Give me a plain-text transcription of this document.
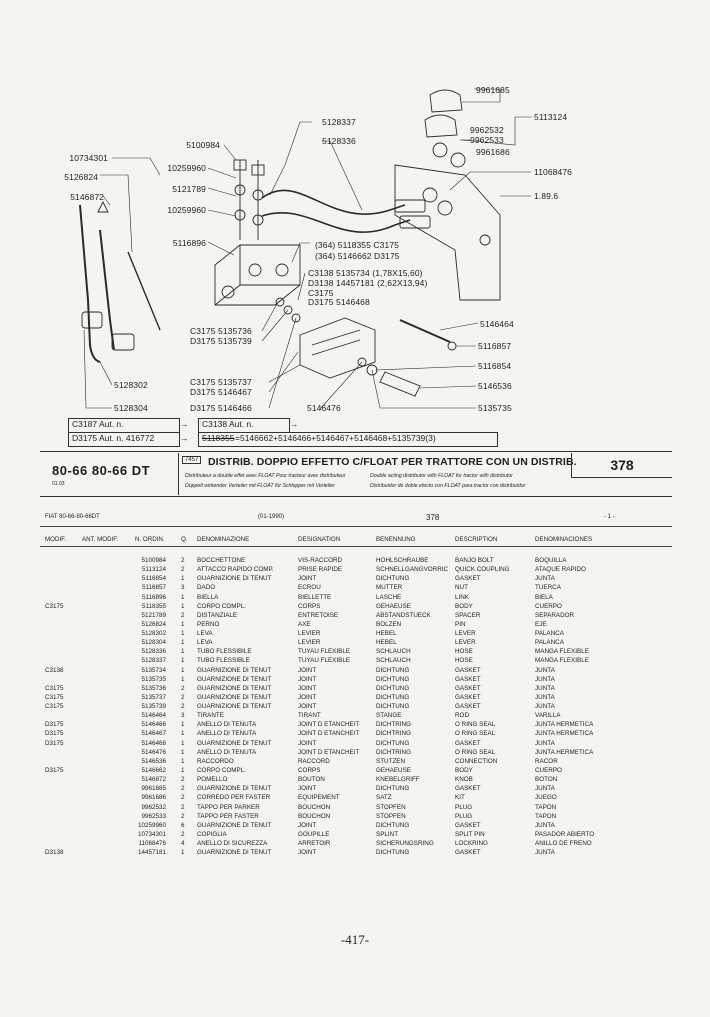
10734301
5126824
5146872
5100984
10259960
5121789
10259960
5116896
5128337
5128336
9961685
5113124
9962532
9962533
9961686
11068476
1.89.6
(364) 5118355 C3175
(364) 5146662 D3175
C3138 5135734 (1,78X15,60)
D3138 14457181 (2,62X13,94)
C3175
D3175 5146468
C3175 5135736
D3175 5135739
C3175 5135737
D3175 5146467
D3175 5146466	5146476
5146464
5116857
5116854
5146536
5135735
5128302
5128304
C3187 Aut. n.	→ C3138 Aut. n.	→
D3175 Aut. n. 416772	→ 5118355 =5146662+5146466+5146467+5146468+5135739(3)
80-66 80-66 DT
01 03
7457 DISTRIB. DOPPIO EFFETTO C/FLOAT PER TRATTORE CON UN DISTRIB.
Distributeur a double effet avec FLOAT Pour tracteur avec distributeur	Double acting distributor with FLOAT for tractor with distributor
Doppelt wirkender Verteiler mit FLOAT für Schlepper mit Verteiler	Distribuidor de doble efecto con FLOAT para tractor con distribuidor
378
FIAT 80-66-80-66DT	(01-1990)	378	- 1 -
MODIF.	ANT. MODIF.	N. ORDIN.	Q. DENOMINAZIONE	DESIGNATION	BENENNUNG	DESCRIPTION	DENOMINACIONES
5100984 2 BOCCHETTONE	VIS-RACCORD	HOHLSCHRAUBE	BANJO BOLT	BOQUILLA
5113124 2 ATTACCO RAPIDO COMP.	PRISE RAPIDE	SCHNELLGANGVORRIC QUICK COUPLING	ATAQUE RAPIDO
5116854 1 GUARNIZIONE DI TENUT	JOINT	DICHTUNG	GASKET	JUNTA
5116857 3 DADO	ECROU	MUTTER	NUT	TUERCA
5116896 1 BIELLA	BIELLETTE	LASCHE	LINK	BIELA
C3175	5118355 1 CORPO COMPL.	CORPS	GEHAEUSE	BODY	CUERPO
5121789 2 DISTANZIALE	ENTRETOISE	ABSTANDSTUECK	SPACER	SEPARADOR
5126824 1 PERNO	AXE	BOLZEN	PIN	EJE
5128302 1 LEVA	LEVIER	HEBEL	LEVER	PALANCA
5128304 1 LEVA	LEVIER	HEBEL	LEVER	PALANCA
5128336 1 TUBO FLESSIBILE	TUYAU FLEXIBLE	SCHLAUCH	HOSE	MANGA FLEXIBLE
5128337 1 TUBO FLESSIBLE	TUYAU FLEXIBLE	SCHLAUCH	HOSE	MANGA FLEXIBLE
C3138	5135734 1 GUARNIZIONE DI TENUT	JOINT	DICHTUNG	GASKET	JUNTA
5135735 1 GUARNIZIONE DI TENUT	JOINT	DICHTUNG	GASKET	JUNTA
C3175	5135736 2 GUARNIZIONE DI TENUT	JOINT	DICHTUNG	GASKET	JUNTA
C3175	5135737 2 GUARNIZIONE DI TENUT	JOINT	DICHTUNG	GASKET	JUNTA
C3175	5135739 2 GUARNIZIONE DI TENUT	JOINT	DICHTUNG	GASKET	JUNTA
5146464 3 TIRANTE	TIRANT	STANGE	ROD	VARILLA
D3175	5146466 1 ANELLO DI TENUTA	JOINT D ETANCHEIT	DICHTRING	O RING SEAL	JUNTA HERMETICA
D3175	5146467 1 ANELLO DI TENUTA	JOINT D ETANCHEIT	DICHTRING	O RING SEAL	JUNTA HERMETICA
D3175	5146468 1 GUARNIZIONE DI TENUT	JOINT	DICHTUNG	GASKET	JUNTA
5146476 1 ANELLO DI TENUTA	JOINT D ETANCHEIT	DICHTRING	O RING SEAL	JUNTA HERMETICA
5146536 1 RACCORDO	RACCORD	STUTZEN	CONNECTION	RACOR
D3175	5146662 1 CORPO COMPL.	CORPS	GEHAEUSE	BODY	CUERPO
5146872 2 POMELLO	BOUTON	KNEBELGRIFF	KNOB	BOTON
9961685 2 GUARNIZIONE DI TENUT	JOINT	DICHTUNG	GASKET	JUNTA
9961686 2 CORREDO PER FASTER	EQUIPEMENT	SATZ	KIT	JUEGO
9962532 2 TAPPO PER PARKER	BOUCHON	STOPFEN	PLUG	TAPON
9962533 2 TAPPO PER FASTER	BOUCHON	STOPFEN	PLUG	TAPON
10259960 6 GUARNIZIONE DI TENUT	JOINT	DICHTUNG	GASKET	JUNTA
10734301 2 COPIGLIA	GOUPILLE	SPLINT	SPLIT PIN	PASADOR ABIERTO
11068476 4 ANELLO DI SICUREZZA	ARRETOIR	SICHERUNGSRING	LOCKRING	ANILLO DE FRENO
D3138	14457181 1 GUARNIZIONE DI TENUT	JOINT	DICHTUNG	GASKET	JUNTA
-417-
